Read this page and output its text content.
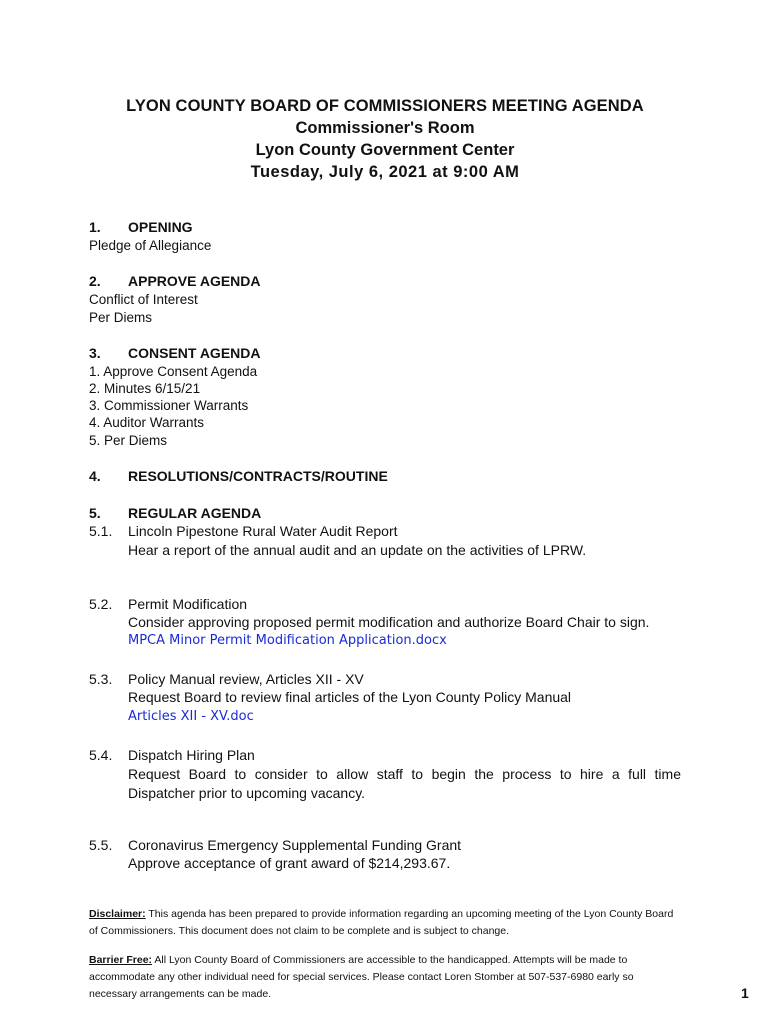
LYON COUNTY BOARD OF COMMISSIONERS MEETING AGENDA
Commissioner's Room
Lyon County Government Center
Tuesday, July 6, 2021 at 9:00 AM
1. OPENING
Pledge of Allegiance
2. APPROVE AGENDA
Conflict of Interest
Per Diems
3. CONSENT AGENDA
1. Approve Consent Agenda
2. Minutes 6/15/21
3. Commissioner Warrants
4. Auditor Warrants
5. Per Diems
4. RESOLUTIONS/CONTRACTS/ROUTINE
5. REGULAR AGENDA
5.1. Lincoln Pipestone Rural Water Audit Report
Hear a report of the annual audit and an update on the activities of LPRW.
5.2. Permit Modification
Consider approving proposed permit modification and authorize Board Chair to sign.
MPCA Minor Permit Modification Application.docx
5.3. Policy Manual review, Articles XII - XV
Request Board to review final articles of the Lyon County Policy Manual
Articles XII - XV.doc
5.4. Dispatch Hiring Plan
Request Board to consider to allow staff to begin the process to hire a full time Dispatcher prior to upcoming vacancy.
5.5. Coronavirus Emergency Supplemental Funding Grant
Approve acceptance of grant award of $214,293.67.
Disclaimer: This agenda has been prepared to provide information regarding an upcoming meeting of the Lyon County Board of Commissioners. This document does not claim to be complete and is subject to change.
Barrier Free: All Lyon County Board of Commissioners are accessible to the handicapped. Attempts will be made to accommodate any other individual need for special services. Please contact Loren Stomber at 507-537-6980 early so necessary arrangements can be made.	1
